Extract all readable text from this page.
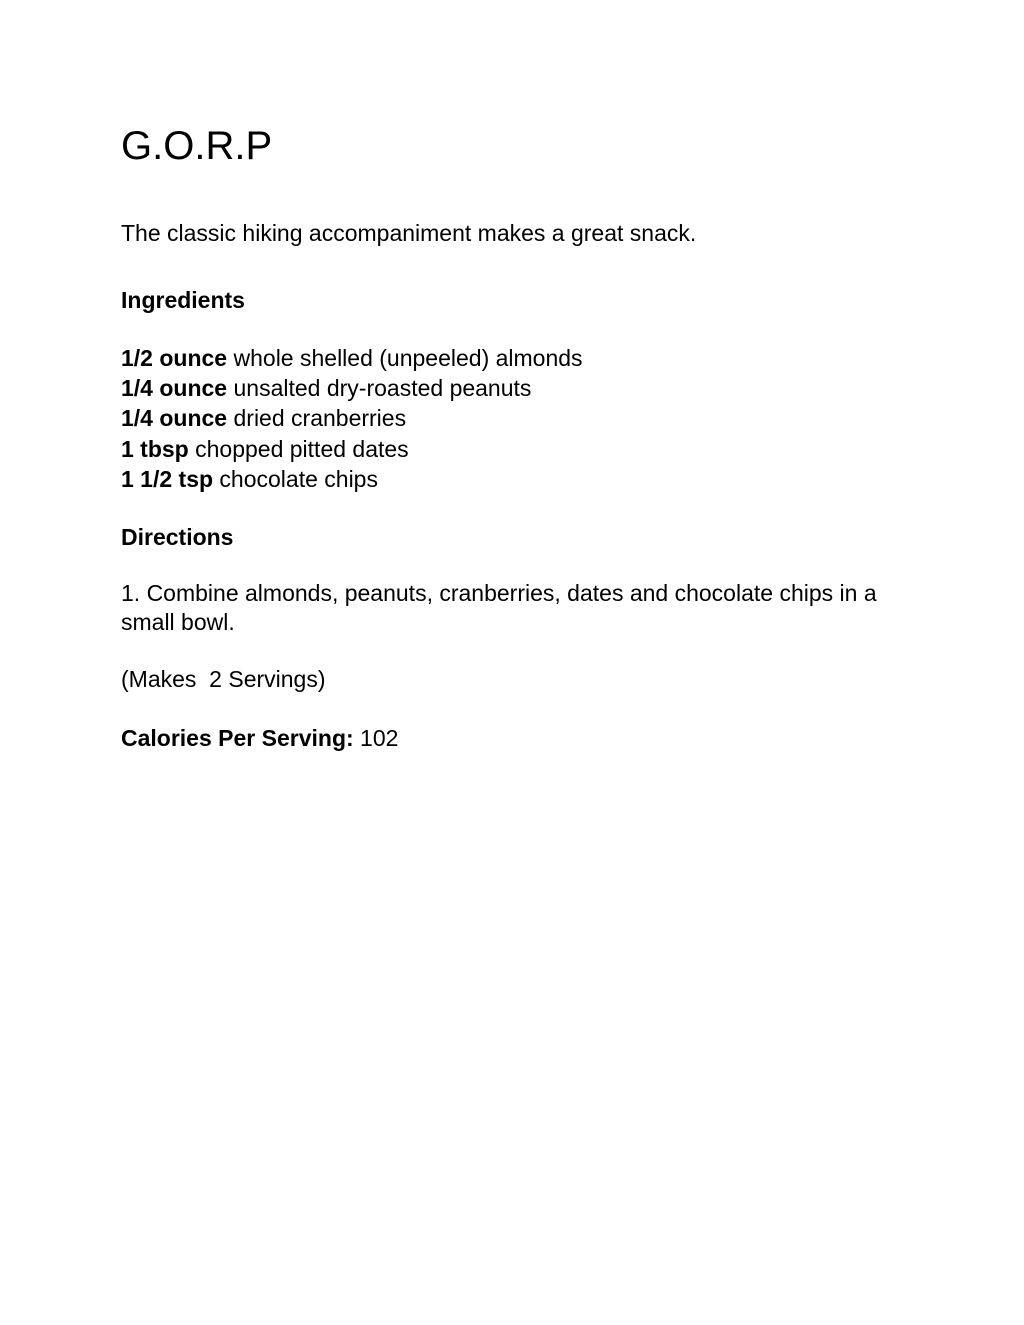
G.O.R.P

The classic hiking accompaniment makes a great snack.

Ingredients
1/2 ounce whole shelled (unpeeled) almonds
1/4 ounce unsalted dry-roasted peanuts
1/4 ounce dried cranberries
1 tbsp chopped pitted dates
1 1/2 tsp chocolate chips
Directions

1. Combine almonds, peanuts, cranberries, dates and chocolate chips in a small bowl.

(Makes  2 Servings)

Calories Per Serving: 102
